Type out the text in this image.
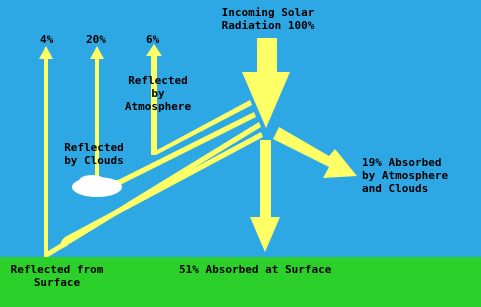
Incoming Solar
Radiation 100%
4%	20%	6%
Reflected
by
Atmosphere
Reflected
by Clouds	19% Absorbed
by Atmosphere
and Clouds
51% Absorbed at Surface
Reflected from
Surface
